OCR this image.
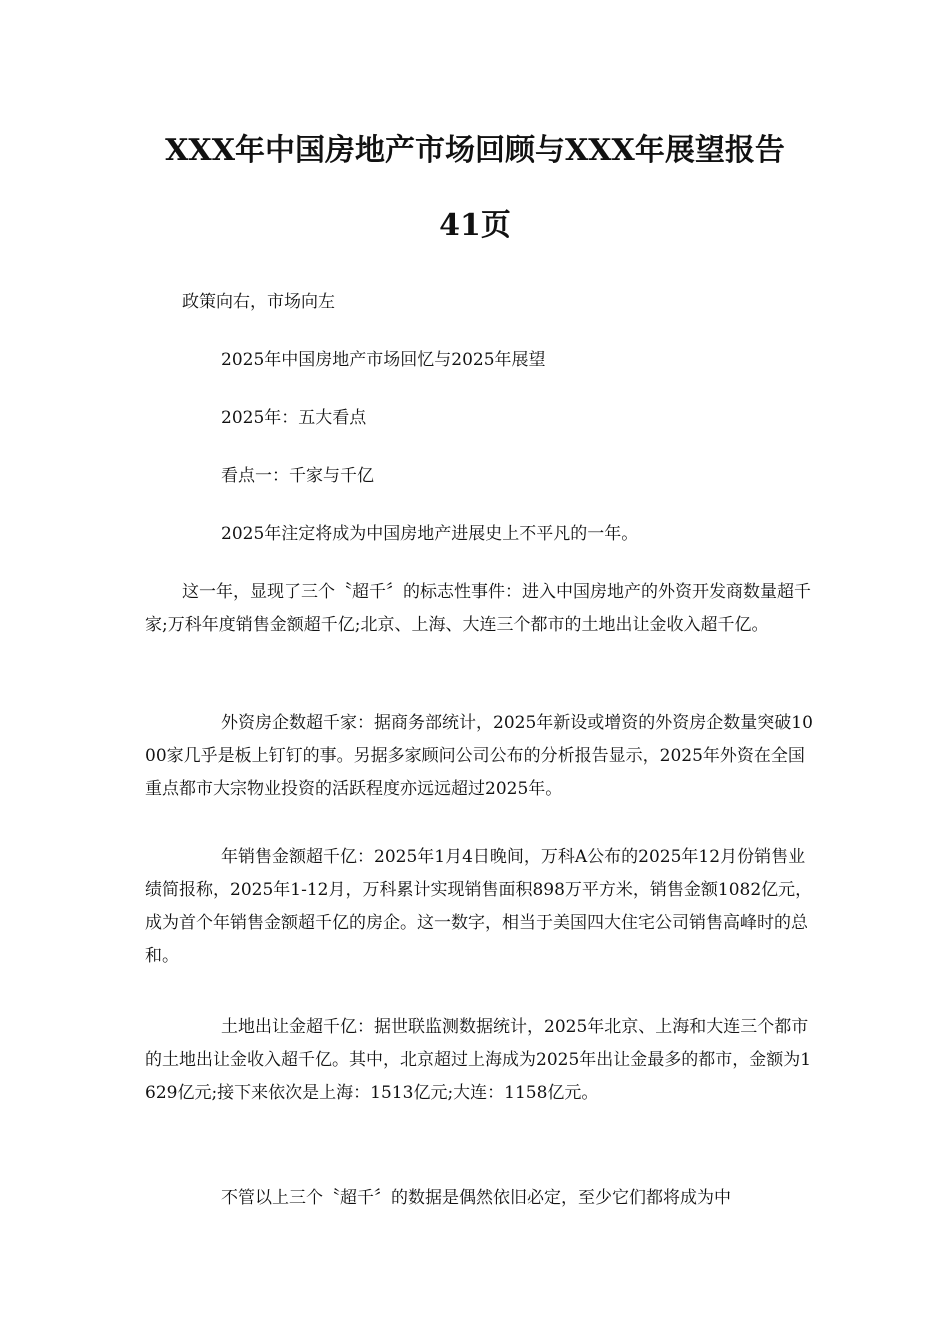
XXX年中国房地产市场回顾与XXX年展望报告
41页

政策向右，市场向左

2025年中国房地产市场回忆与2025年展望

2025年：五大看点

看点一：千家与千亿

2025年注定将成为中国房地产进展史上不平凡的一年。

这一年，显现了三个〝超千〞的标志性事件：进入中国房地产的外资开发商数量超千家;万科年度销售金额超千亿;北京、上海、大连三个都市的土地出让金收入超千亿。

外资房企数超千家：据商务部统计，2025年新设或增资的外资房企数量突破1000家几乎是板上钉钉的事。另据多家顾问公司公布的分析报告显示，2025年外资在全国重点都市大宗物业投资的活跃程度亦远远超过2025年。

年销售金额超千亿：2025年1月4日晚间，万科A公布的2025年12月份销售业绩简报称，2025年1-12月，万科累计实现销售面积898万平方米，销售金额1082亿元，成为首个年销售金额超千亿的房企。这一数字，相当于美国四大住宅公司销售高峰时的总和。

土地出让金超千亿：据世联监测数据统计，2025年北京、上海和大连三个都市的土地出让金收入超千亿。其中，北京超过上海成为2025年出让金最多的都市，金额为1629亿元;接下来依次是上海：1513亿元;大连：1158亿元。

不管以上三个〝超千〞的数据是偶然依旧必定，至少它们都将成为中
